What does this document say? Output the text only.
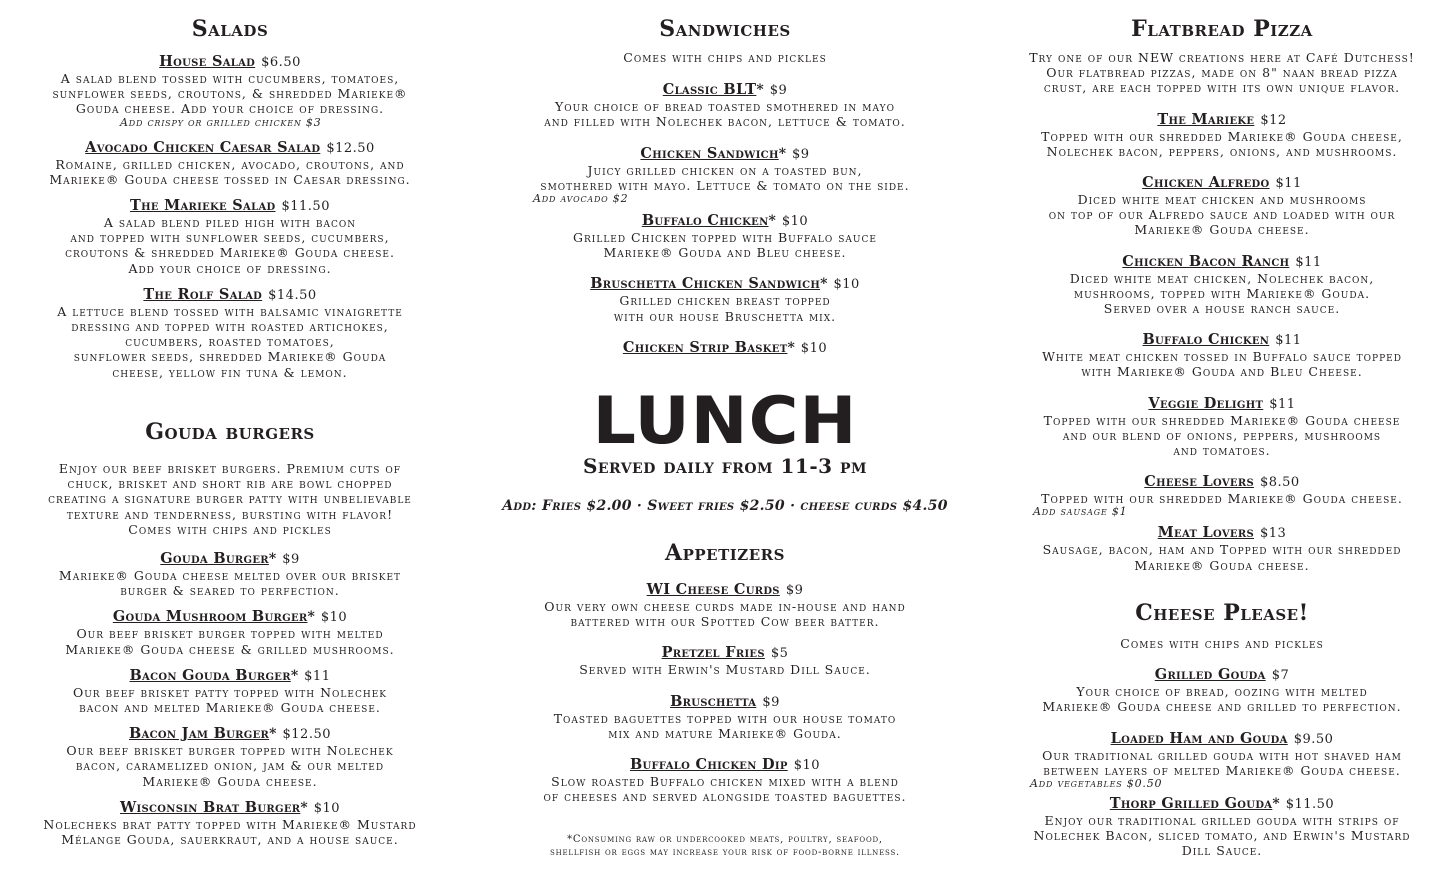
Salads
House Salad $6.50
A salad blend tossed with cucumbers, tomatoes,
sunflower seeds, croutons, & shredded Marieke®
Gouda cheese. Add your choice of dressing.
Add crispy or grilled chicken $3
Avocado Chicken Caesar Salad $12.50
Romaine, grilled chicken, avocado, croutons, and
Marieke® Gouda cheese tossed in Caesar dressing.
The Marieke Salad $11.50
A salad blend piled high with bacon
and topped with sunflower seeds, cucumbers,
croutons & shredded Marieke® Gouda cheese.
Add your choice of dressing.
The Rolf Salad $14.50
A lettuce blend tossed with balsamic vinaigrette
dressing and topped with roasted artichokes,
cucumbers, roasted tomatoes,
sunflower seeds, shredded Marieke® Gouda
cheese, yellow fin tuna & lemon.
Gouda burgers
Enjoy our beef brisket burgers. Premium cuts of
chuck, brisket and short rib are bowl chopped
creating a signature burger patty with unbelievable
texture and tenderness, bursting with flavor!
Comes with chips and pickles
Gouda Burger* $9
Marieke® Gouda cheese melted over our brisket
burger & seared to perfection.
Gouda Mushroom Burger* $10
Our beef brisket burger topped with melted
Marieke® Gouda cheese & grilled mushrooms.
Bacon Gouda Burger* $11
Our beef brisket patty topped with Nolechek
bacon and melted Marieke® Gouda cheese.
Bacon Jam Burger* $12.50
Our beef brisket burger topped with Nolechek
bacon, caramelized onion, jam & our melted
Marieke® Gouda cheese.
Wisconsin Brat Burger* $10
Nolecheks brat patty topped with Marieke® Mustard
Mélange Gouda, sauerkraut, and a house sauce.
Sandwiches
Comes with chips and pickles
Classic BLT* $9
Your choice of bread toasted smothered in mayo
and filled with Nolechek bacon, lettuce & tomato.
Chicken Sandwich* $9
Juicy grilled chicken on a toasted bun,
smothered with mayo. Lettuce & tomato on the side.
Add avocado $2
Buffalo Chicken* $10
Grilled Chicken topped with Buffalo sauce
Marieke® Gouda and Bleu cheese.
Bruschetta Chicken Sandwich* $10
Grilled chicken breast topped
with our house Bruschetta mix.
Chicken Strip Basket* $10
LUNCH
Served daily from 11-3 pm
Add: Fries $2.00 · Sweet fries $2.50 · cheese curds $4.50
Appetizers
WI Cheese Curds $9
Our very own cheese curds made in-house and hand
battered with our Spotted Cow beer batter.
Pretzel Fries $5
Served with Erwin's Mustard Dill Sauce.
Bruschetta $9
Toasted baguettes topped with our house tomato
mix and mature Marieke® Gouda.
Buffalo Chicken Dip $10
Slow roasted Buffalo chicken mixed with a blend
of cheeses and served alongside toasted baguettes.
*Consuming raw or undercooked meats, poultry, seafood,
shellfish or eggs may increase your risk of food-borne illness.
Flatbread Pizza
Try one of our NEW creations here at Café Dutchess!
Our flatbread pizzas, made on 8" naan bread pizza
crust, are each topped with its own unique flavor.
The Marieke $12
Topped with our shredded Marieke® Gouda cheese,
Nolechek bacon, peppers, onions, and mushrooms.
Chicken Alfredo $11
Diced white meat chicken and mushrooms
on top of our Alfredo sauce and loaded with our
Marieke® Gouda cheese.
Chicken Bacon Ranch $11
Diced white meat chicken, Nolechek bacon,
mushrooms, topped with Marieke® Gouda.
Served over a house ranch sauce.
Buffalo Chicken $11
White meat chicken tossed in Buffalo sauce topped
with Marieke® Gouda and Bleu Cheese.
Veggie Delight $11
Topped with our shredded Marieke® Gouda cheese
and our blend of onions, peppers, mushrooms
and tomatoes.
Cheese Lovers $8.50
Topped with our shredded Marieke® Gouda cheese.
Add sausage $1
Meat Lovers $13
Sausage, bacon, ham and Topped with our shredded
Marieke® Gouda cheese.
Cheese Please!
Comes with chips and pickles
Grilled Gouda $7
Your choice of bread, oozing with melted
Marieke® Gouda cheese and grilled to perfection.
Loaded Ham and Gouda $9.50
Our traditional grilled gouda with hot shaved ham
between layers of melted Marieke® Gouda cheese.
Add vegetables $0.50
Thorp Grilled Gouda* $11.50
Enjoy our traditional grilled gouda with strips of
Nolechek Bacon, sliced tomato, and Erwin's Mustard
Dill Sauce.
